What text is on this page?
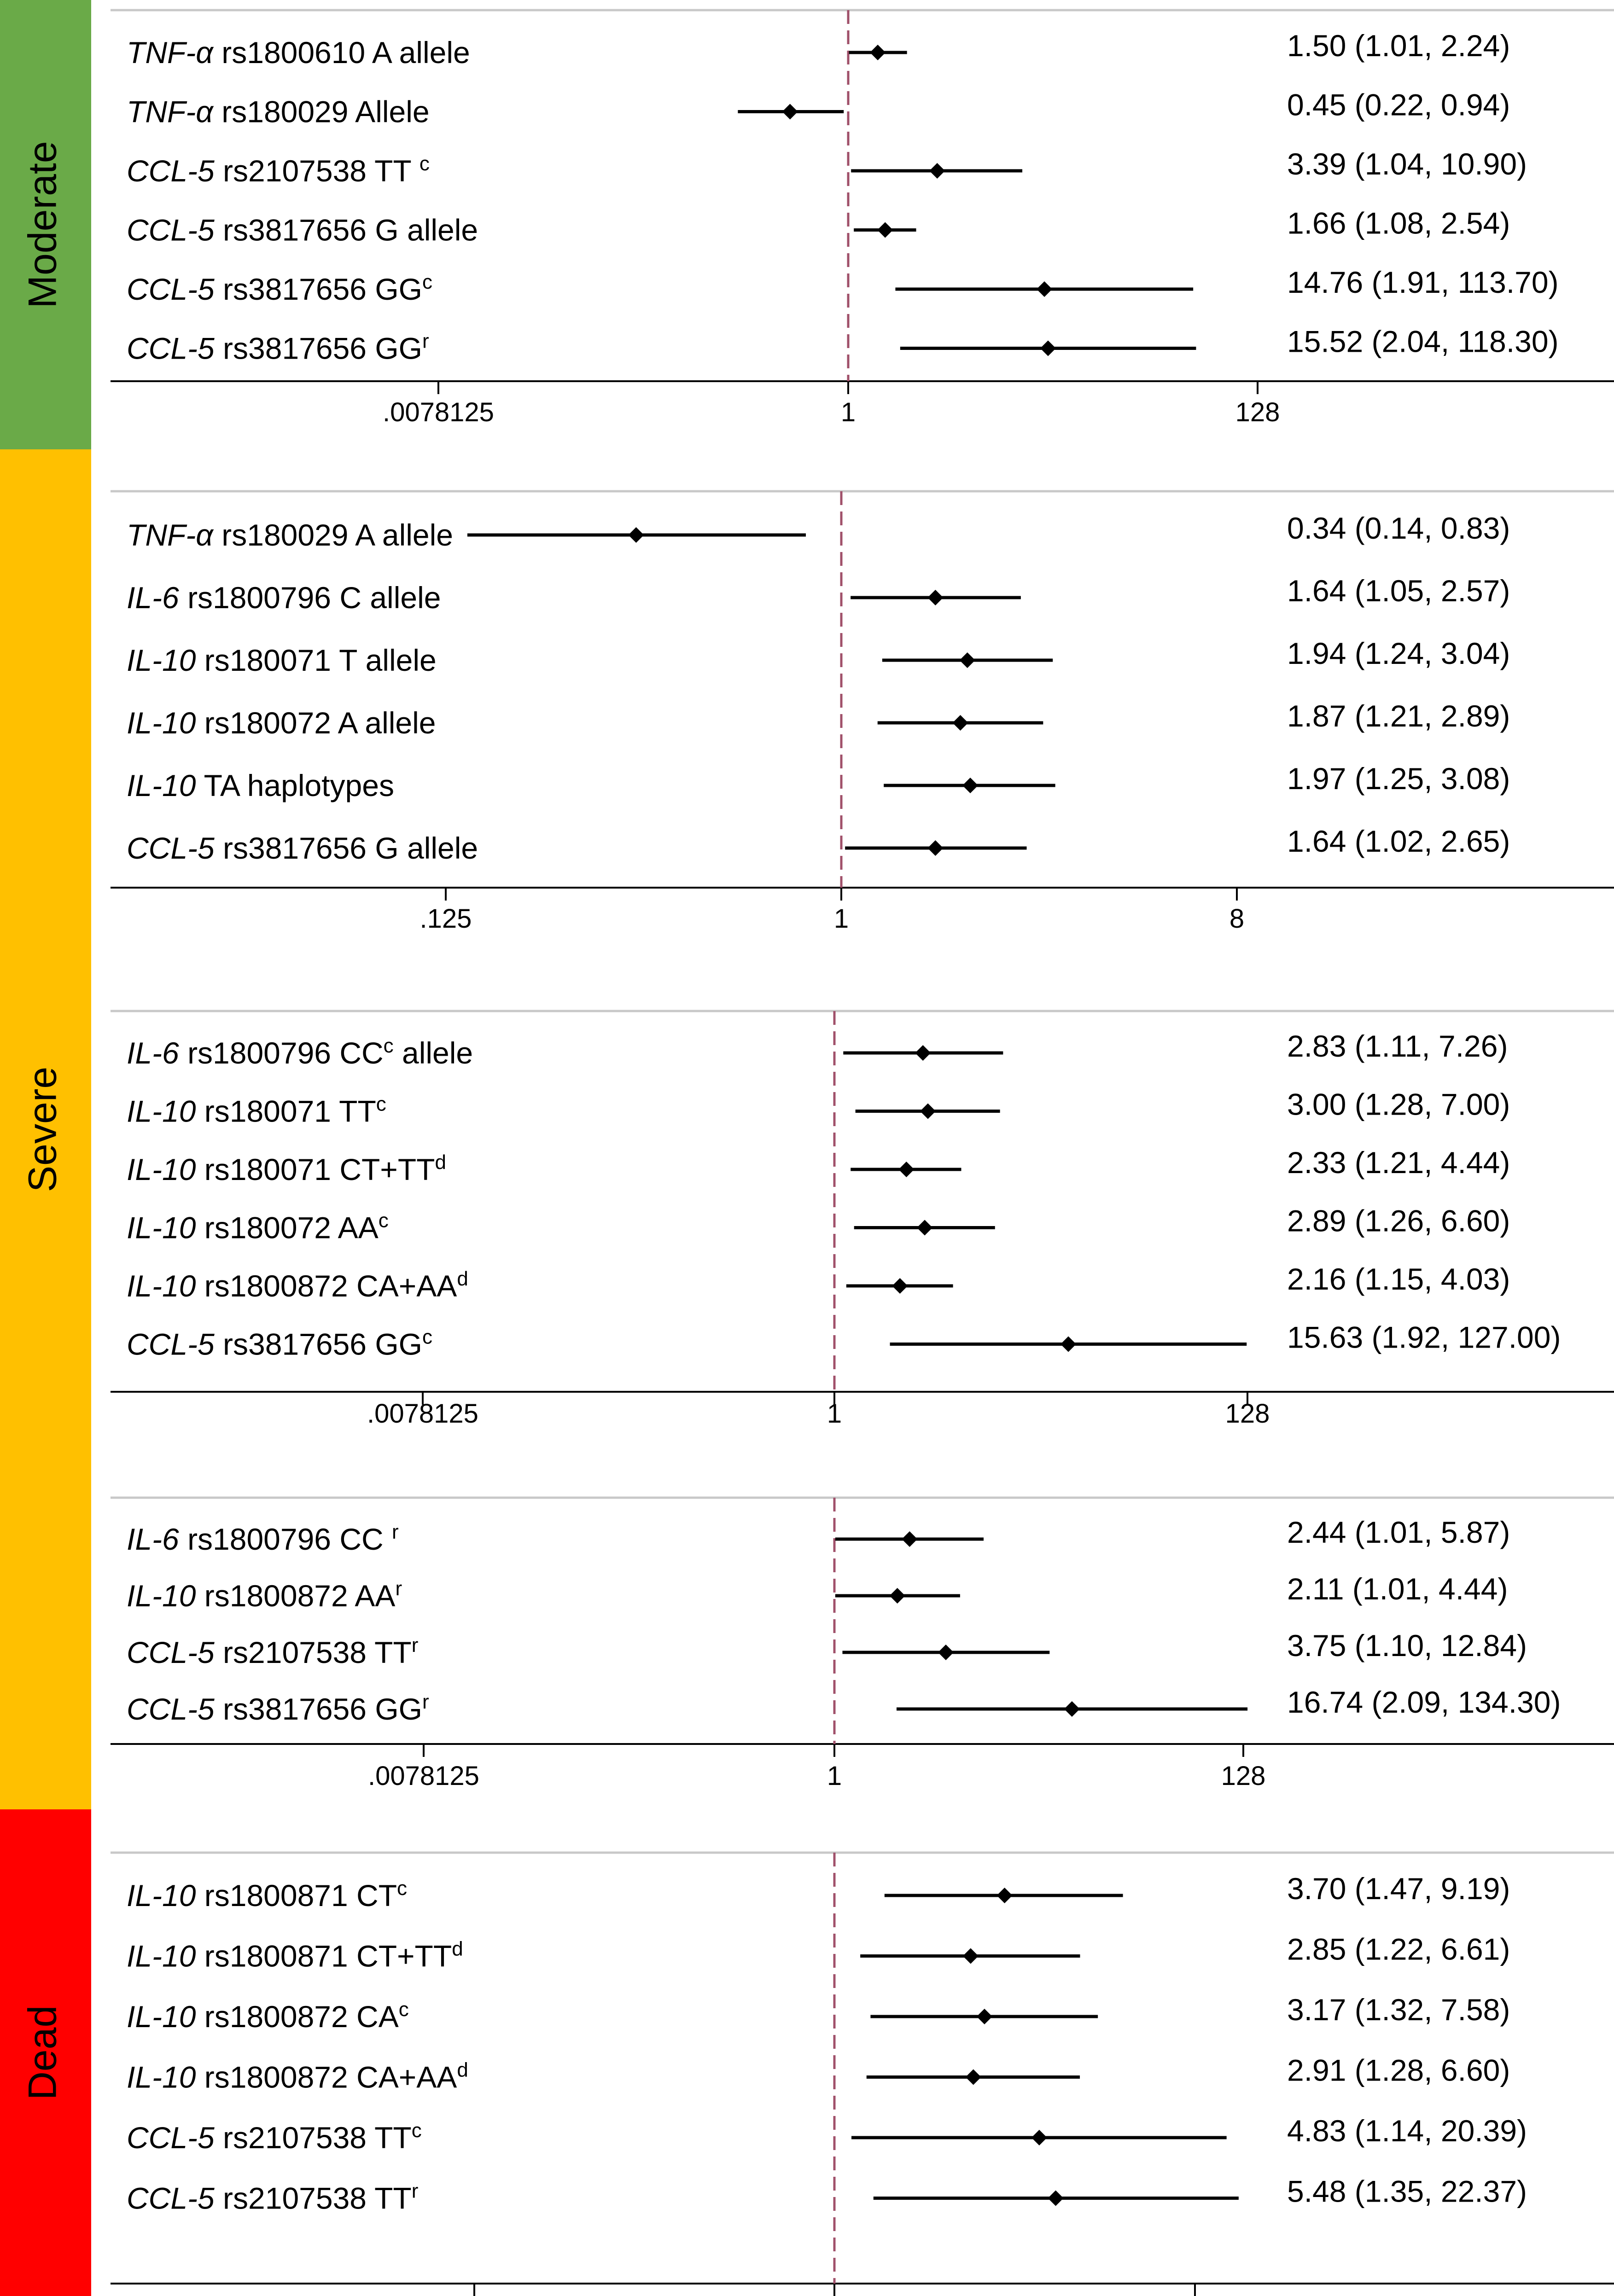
Moderate
Severe
Dead
.0078125	1	128
TNF-α rs1800610 A allele	1.50 (1.01, 2.24)
TNF-α rs180029 Allele	0.45 (0.22, 0.94)
CCL-5 rs2107538 TT $^c$	3.39 (1.04, 10.90)
CCL-5 rs3817656 G allele	1.66 (1.08, 2.54)
CCL-5 rs3817656 $GG^c$	14.76 (1.91, 113.70)
CCL-5 rs3817656 $GG^r$	15.52 (2.04, 118.30)
.125	1	8
TNF-α rs180029 A allele	0.34 (0.14, 0.83)
IL-6 rs1800796 C allele	1.64 (1.05, 2.57)
IL-10 rs180071 T allele	1.94 (1.24, 3.04)
IL-10 rs180072 A allele	1.87 (1.21, 2.89)
IL-10 TA haplotypes	1.97 (1.25, 3.08)
CCL-5 rs3817656 G allele	1.64 (1.02, 2.65)
.0078125	1	128
IL-6 rs1800796 $CC^c$ allele	2.83 (1.11, 7.26)
IL-10 rs180071 $TT^c$	3.00 (1.28, 7.00)
IL-10 rs180071 $CT+TT^d$	2.33 (1.21, 4.44)
IL-10 rs180072 $AA^c$	2.89 (1.26, 6.60)
IL-10 rs1800872 $CA+AA^d$	2.16 (1.15, 4.03)
CCL-5 rs3817656 $GG^c$	15.63 (1.92, 127.00)
.0078125	1	128
IL-6 rs1800796 CC $^r$	2.44 (1.01, 5.87)
IL-10 rs1800872 $AA^r$	2.11 (1.01, 4.44)
CCL-5 rs2107538 $TT^r$	3.75 (1.10, 12.84)
CCL-5 rs3817656 $GG^r$	16.74 (2.09, 134.30)
IL-10 rs1800871 $CT^c$	3.70 (1.47, 9.19)
IL-10 rs1800871 $CT+TT^d$	2.85 (1.22, 6.61)
IL-10 rs1800872 $CA^c$	3.17 (1.32, 7.58)
IL-10 rs1800872 $CA+AA^d$	2.91 (1.28, 6.60)
CCL-5 rs2107538 $TT^c$	4.83 (1.14, 20.39)
CCL-5 rs2107538 $TT^r$	5.48 (1.35, 22.37)
